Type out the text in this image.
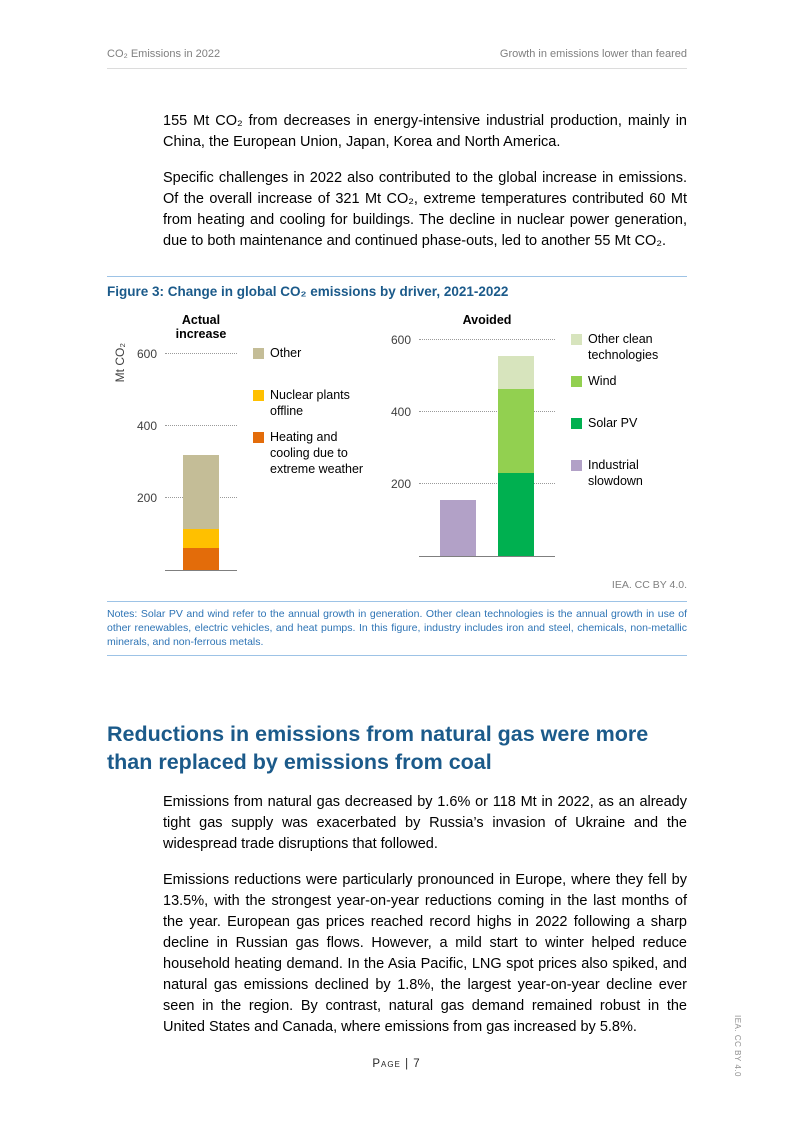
CO₂ Emissions in 2022	Growth in emissions lower than feared

155 Mt CO₂ from decreases in energy-intensive industrial production, mainly in China, the European Union, Japan, Korea and North America.

Specific challenges in 2022 also contributed to the global increase in emissions. Of the overall increase of 321 Mt CO₂, extreme temperatures contributed 60 Mt from heating and cooling for buildings. The decline in nuclear power generation, due to both maintenance and continued phase-outs, led to another 55 Mt CO₂.

Figure 3: Change in global CO₂ emissions by driver, 2021-2022
Mt CO₂
Actual increase
200
400
600	Other
Nuclear plants offline
Heating and cooling due to extreme weather
Avoided
200
400
600	Other clean technologies
Wind
Solar PV
Industrial slowdown
IEA. CC BY 4.0.
Notes: Solar PV and wind refer to the annual growth in generation. Other clean technologies is the annual growth in use of other renewables, electric vehicles, and heat pumps. In this figure, industry includes iron and steel, chemicals, non-metallic minerals, and non-ferrous metals.
Reductions in emissions from natural gas were more than replaced by emissions from coal

Emissions from natural gas decreased by 1.6% or 118 Mt in 2022, as an already tight gas supply was exacerbated by Russia’s invasion of Ukraine and the widespread trade disruptions that followed.

Emissions reductions were particularly pronounced in Europe, where they fell by 13.5%, with the strongest year-on-year reductions coming in the last months of the year. European gas prices reached record highs in 2022 following a sharp decline in Russian gas flows. However, a mild start to winter helped reduce household heating demand. In the Asia Pacific, LNG spot prices also spiked, and natural gas emissions declined by 1.8%, the largest year-on-year decline ever seen in the region. By contrast, natural gas demand remained robust in the United States and Canada, where emissions from gas increased by 5.8%.

Page | 7	IEA. CC BY 4.0
